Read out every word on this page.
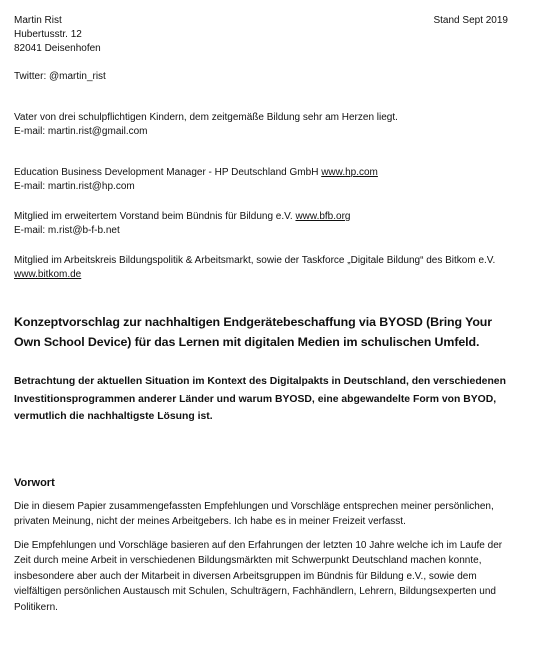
Stand Sept 2019

Martin Rist

Hubertusstr. 12

82041 Deisenhofen

Twitter: @martin_rist

Vater von drei schulpflichtigen Kindern, dem zeitgemäße Bildung sehr am Herzen liegt.

E-mail: martin.rist@gmail.com

Education Business Development Manager - HP Deutschland GmbH www.hp.com

E-mail: martin.rist@hp.com

Mitglied im erweitertem Vorstand beim Bündnis für Bildung e.V. www.bfb.org

E-mail: m.rist@b-f-b.net

Mitglied im Arbeitskreis Bildungspolitik & Arbeitsmarkt, sowie der Taskforce „Digitale Bildung“ des Bitkom e.V.

www.bitkom.de

Konzeptvorschlag zur nachhaltigen Endgerätebeschaffung via BYOSD (Bring Your Own School Device) für das Lernen mit digitalen Medien im schulischen Umfeld.

Betrachtung der aktuellen Situation im Kontext des Digitalpakts in Deutschland, den verschiedenen Investitionsprogrammen anderer Länder und warum BYOSD, eine abgewandelte Form von BYOD, vermutlich die nachhaltigste Lösung ist.

Vorwort

Die in diesem Papier zusammengefassten Empfehlungen und Vorschläge entsprechen meiner persönlichen, privaten Meinung, nicht der meines Arbeitgebers. Ich habe es in meiner Freizeit verfasst.

Die Empfehlungen und Vorschläge basieren auf den Erfahrungen der letzten 10 Jahre welche ich im Laufe der Zeit durch meine Arbeit in verschiedenen Bildungsmärkten mit Schwerpunkt Deutschland machen konnte, insbesondere aber auch der Mitarbeit in diversen Arbeitsgruppen im Bündnis für Bildung e.V., sowie dem vielfältigen persönlichen Austausch mit Schulen, Schulträgern, Fachhändlern, Lehrern, Bildungsexperten und Politikern.
